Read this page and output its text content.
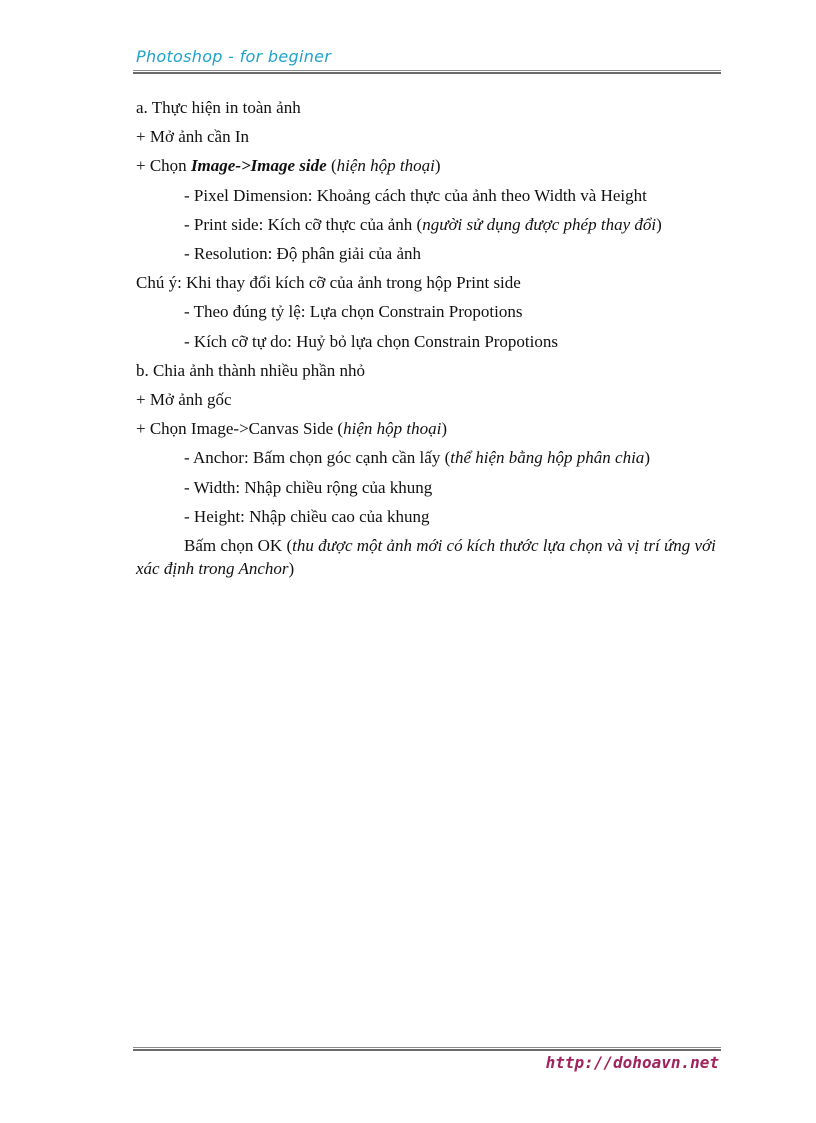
Photoshop - for beginer
a. Thực hiện in toàn ảnh
+ Mở ảnh cần In
+ Chọn Image->Image side (hiện hộp thoại)
- Pixel Dimension: Khoảng cách thực của ảnh theo Width và Height
- Print side: Kích cỡ thực của ảnh (người sử dụng được phép thay đổi)
- Resolution: Độ phân giải của ảnh
Chú ý: Khi thay đổi kích cỡ của ảnh trong hộp Print side
- Theo đúng tỷ lệ: Lựa chọn Constrain Propotions
- Kích cỡ tự do: Huỷ bỏ lựa chọn Constrain Propotions
b. Chia ảnh thành nhiều phần nhỏ
+ Mở ảnh gốc
+ Chọn Image->Canvas Side (hiện hộp thoại)
- Anchor: Bấm chọn góc cạnh cần lấy (thể hiện bằng hộp phân chia)
- Width: Nhập chiều rộng của khung
- Height: Nhập chiều cao của khung
Bấm chọn OK (thu được một ảnh mới có kích thước lựa chọn và vị trí ứng với xác định trong Anchor)
http://dohoavn.net
